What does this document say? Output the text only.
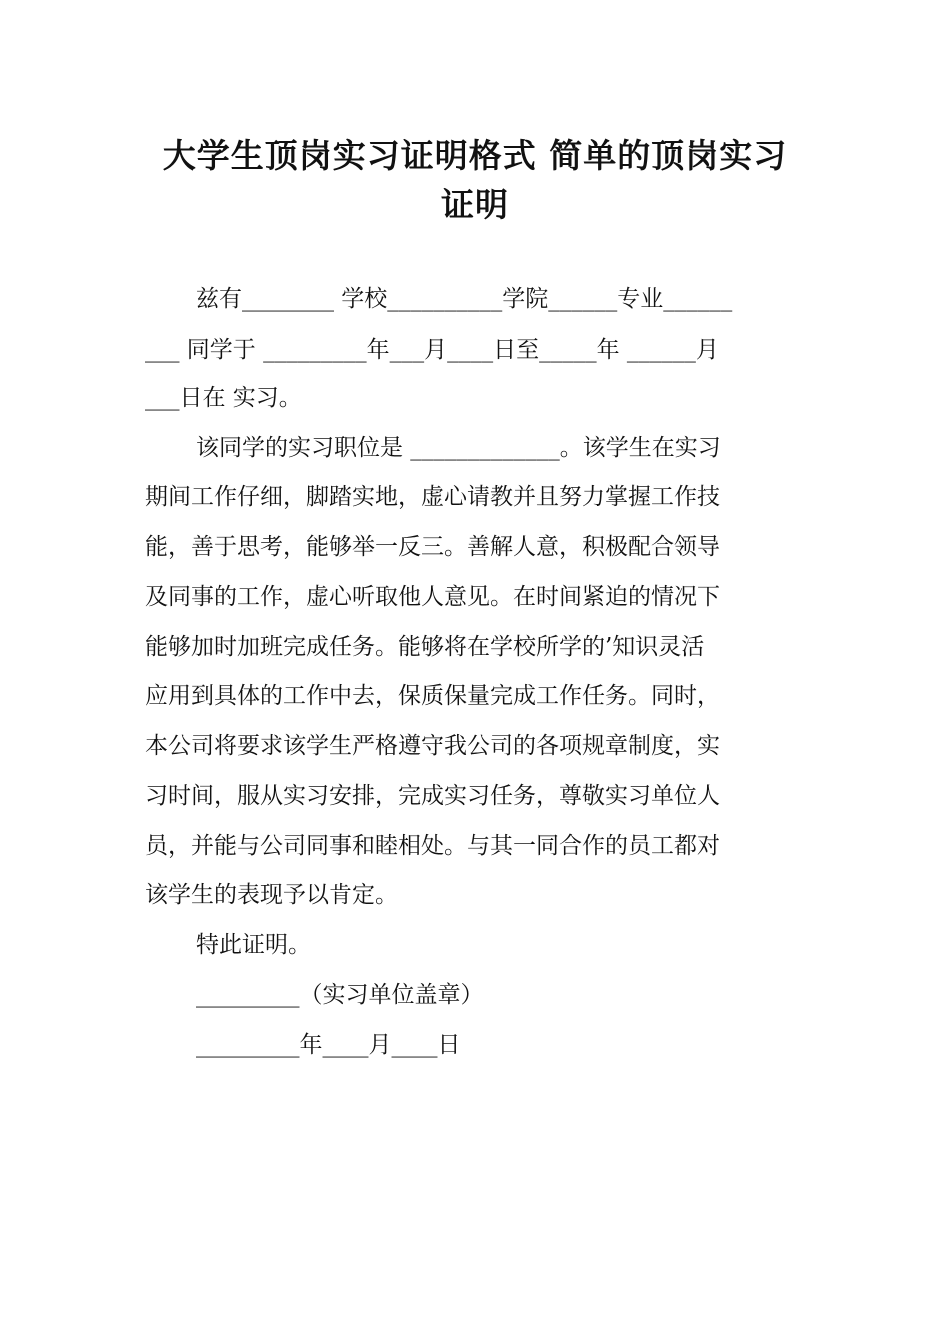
大学生顶岗实习证明格式 简单的顶岗实习
证明

兹有________ 学校__________学院______专业______

___ 同学于 _________年___月____日至_____年 ______月

___日在 实习。

该同学的实习职位是 _____________。该学生在实习

期间工作仔细，脚踏实地，虚心请教并且努力掌握工作技

能，善于思考，能够举一反三。善解人意，积极配合领导

及同事的工作，虚心听取他人意见。在时间紧迫的情况下

能够加时加班完成任务。能够将在学校所学的’知识灵活

应用到具体的工作中去，保质保量完成工作任务。同时，

本公司将要求该学生严格遵守我公司的各项规章制度，实

习时间，服从实习安排，完成实习任务，尊敬实习单位人

员，并能与公司同事和睦相处。与其一同合作的员工都对

该学生的表现予以肯定。

特此证明。

_________（实习单位盖章）

_________年____月____日
